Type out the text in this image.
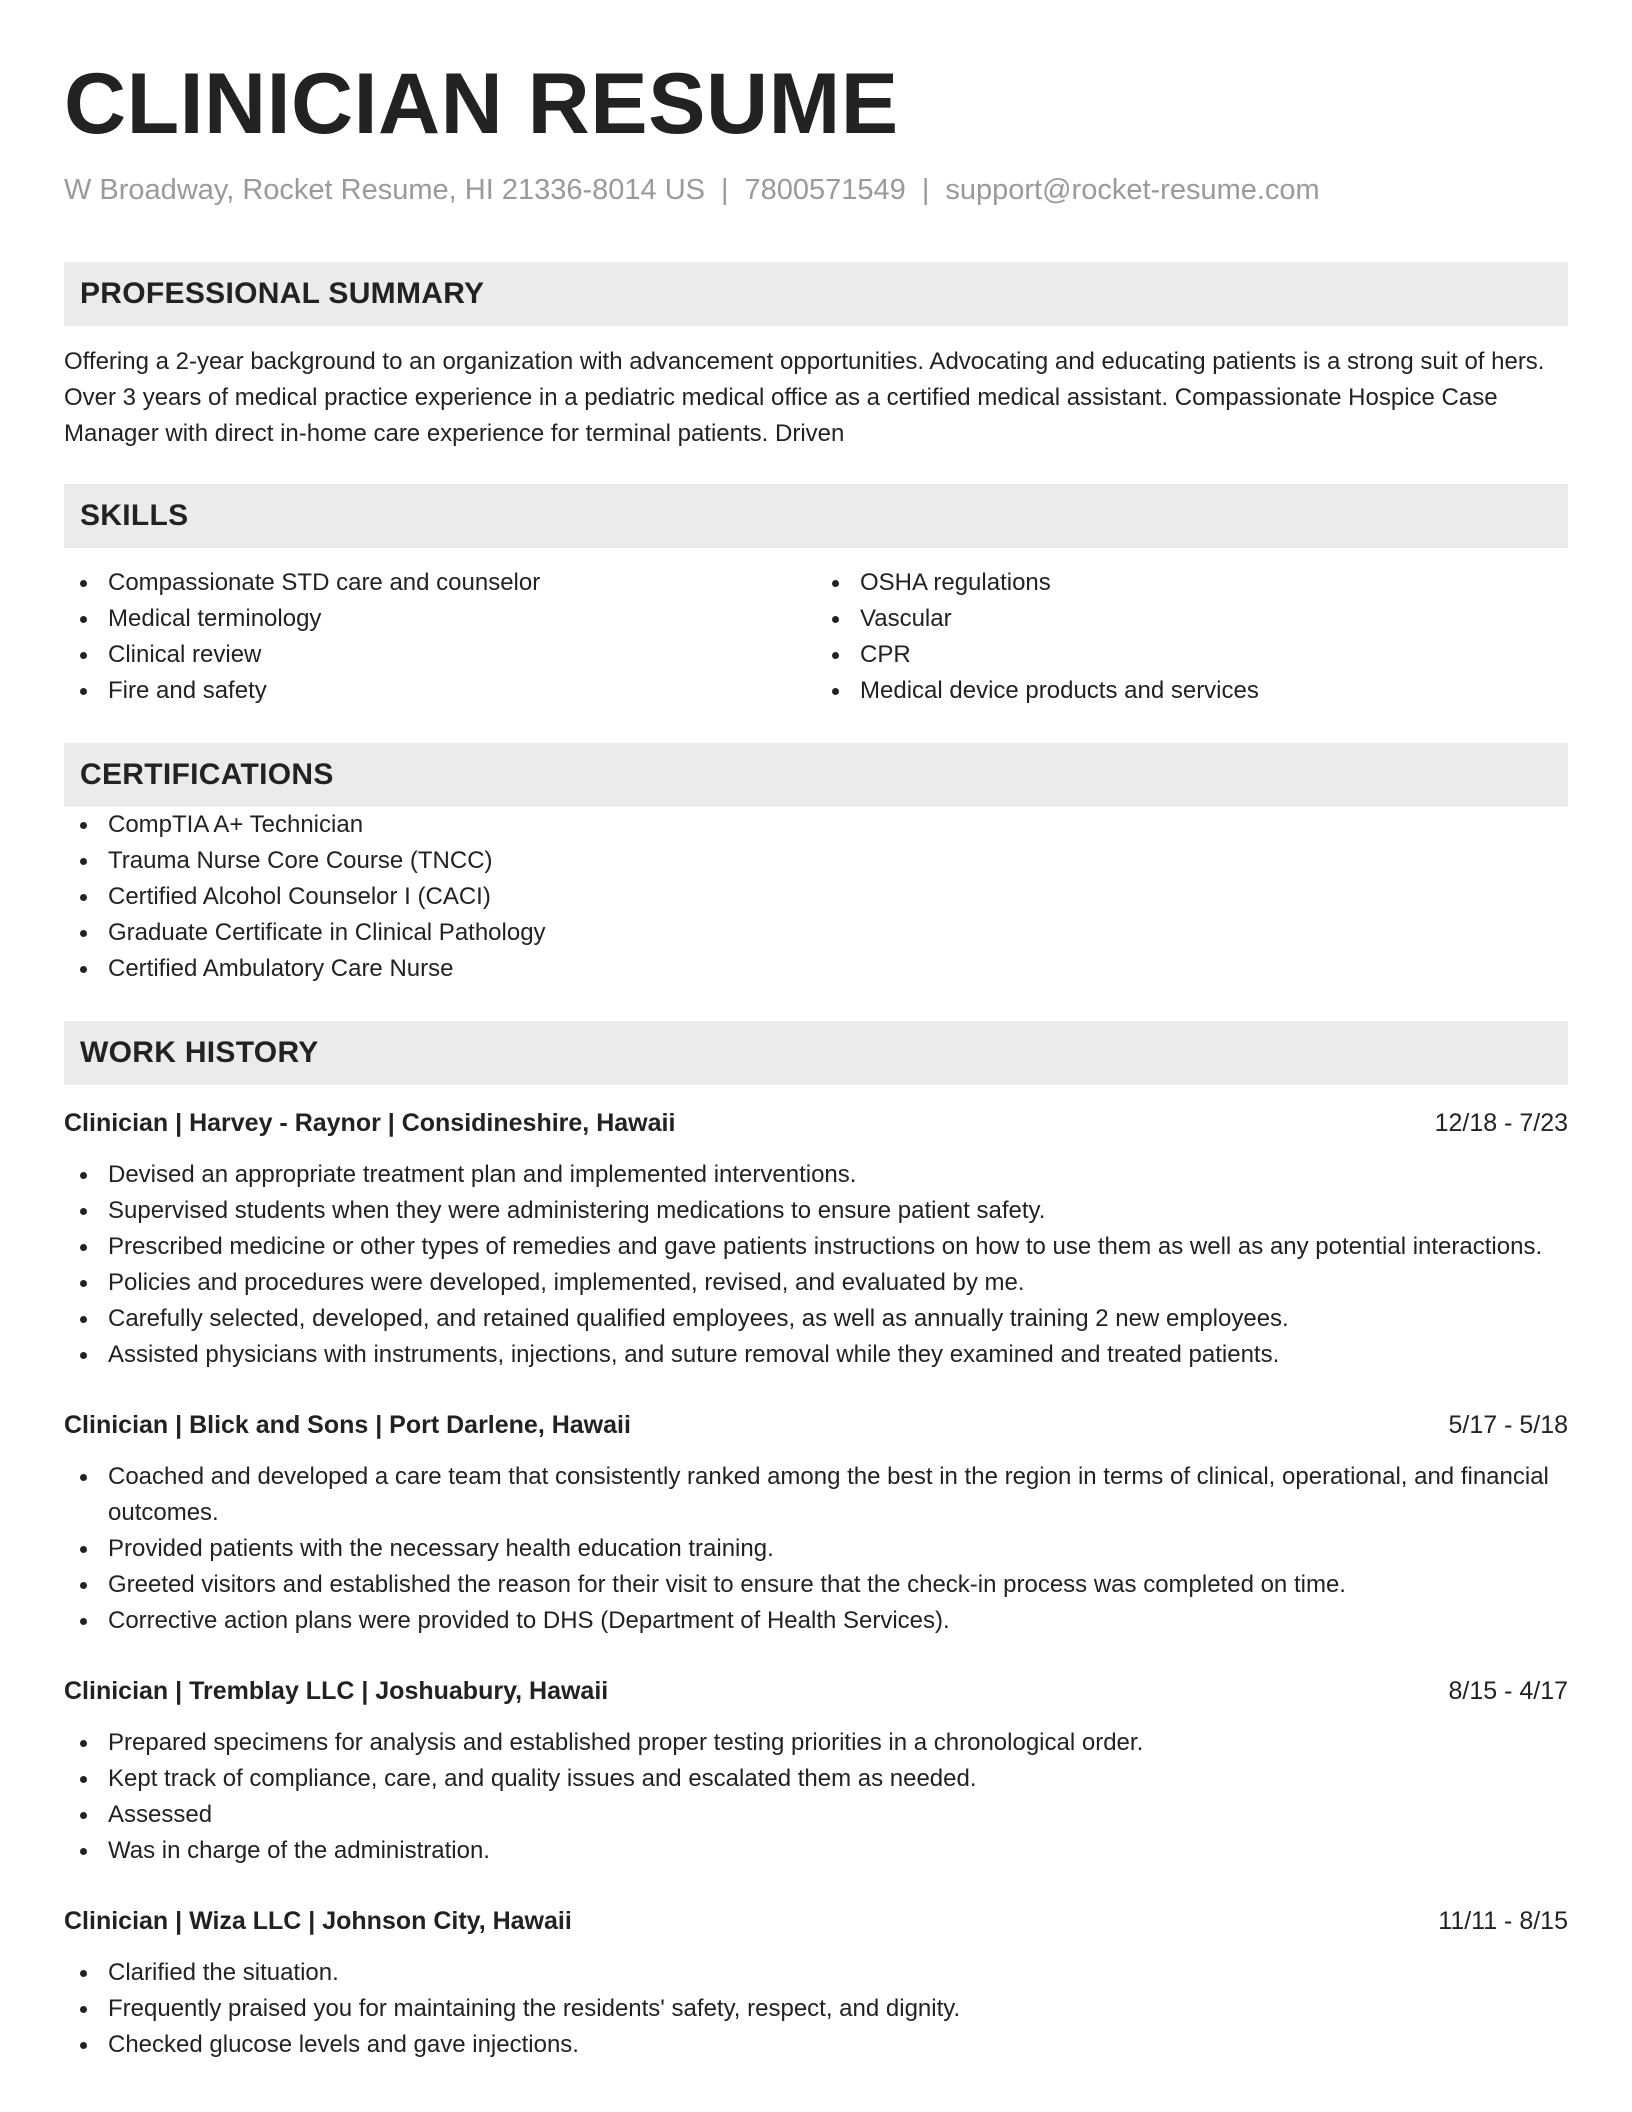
CLINICIAN RESUME
W Broadway, Rocket Resume, HI 21336-8014 US | 7800571549 | support@rocket-resume.com
PROFESSIONAL SUMMARY

Offering a 2-year background to an organization with advancement opportunities. Advocating and educating patients is a strong suit of hers. Over 3 years of medical practice experience in a pediatric medical office as a certified medical assistant. Compassionate Hospice Case Manager with direct in-home care experience for terminal patients. Driven

SKILLS
Compassionate STD care and counselor
Medical terminology
Clinical review
Fire and safety
OSHA regulations
Vascular
CPR
Medical device products and services
CERTIFICATIONS
CompTIA A+ Technician
Trauma Nurse Core Course (TNCC)
Certified Alcohol Counselor I (CACI)
Graduate Certificate in Clinical Pathology
Certified Ambulatory Care Nurse
WORK HISTORY
Clinician | Harvey - Raynor | Considineshire, Hawaii	12/18 - 7/23
Devised an appropriate treatment plan and implemented interventions.
Supervised students when they were administering medications to ensure patient safety.
Prescribed medicine or other types of remedies and gave patients instructions on how to use them as well as any potential interactions.
Policies and procedures were developed, implemented, revised, and evaluated by me.
Carefully selected, developed, and retained qualified employees, as well as annually training 2 new employees.
Assisted physicians with instruments, injections, and suture removal while they examined and treated patients.
Clinician | Blick and Sons | Port Darlene, Hawaii	5/17 - 5/18
Coached and developed a care team that consistently ranked among the best in the region in terms of clinical, operational, and financial outcomes.
Provided patients with the necessary health education training.
Greeted visitors and established the reason for their visit to ensure that the check-in process was completed on time.
Corrective action plans were provided to DHS (Department of Health Services).
Clinician | Tremblay LLC | Joshuabury, Hawaii	8/15 - 4/17
Prepared specimens for analysis and established proper testing priorities in a chronological order.
Kept track of compliance, care, and quality issues and escalated them as needed.
Assessed
Was in charge of the administration.
Clinician | Wiza LLC | Johnson City, Hawaii	11/11 - 8/15
Clarified the situation.
Frequently praised you for maintaining the residents' safety, respect, and dignity.
Checked glucose levels and gave injections.
